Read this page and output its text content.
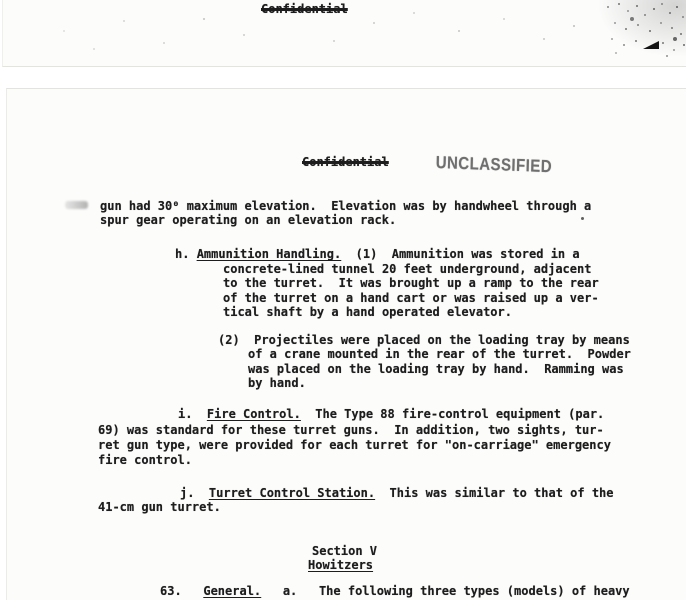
Confidential
Confidential	UNCLASSIFIED
gun had 30⁰ maximum elevation.  Elevation was by handwheel through a
spur gear operating on an elevation rack.
h. Ammunition Handling.  (1)  Ammunition was stored in a
concrete-lined tunnel 20 feet underground, adjacent
to the turret.  It was brought up a ramp to the rear
of the turret on a hand cart or was raised up a ver-
tical shaft by a hand operated elevator.
(2)  Projectiles were placed on the loading tray by means
of a crane mounted in the rear of the turret.  Powder
was placed on the loading tray by hand.  Ramming was
by hand.
i.  Fire Control.  The Type 88 fire-control equipment (par.
69) was standard for these turret guns.  In addition, two sights, tur-
ret gun type, were provided for each turret for "on-carriage" emergency
fire control.
j.  Turret Control Station.  This was similar to that of the
41-cm gun turret.
Section V
Howitzers
63.   General.   a.   The following three types (models) of heavy
